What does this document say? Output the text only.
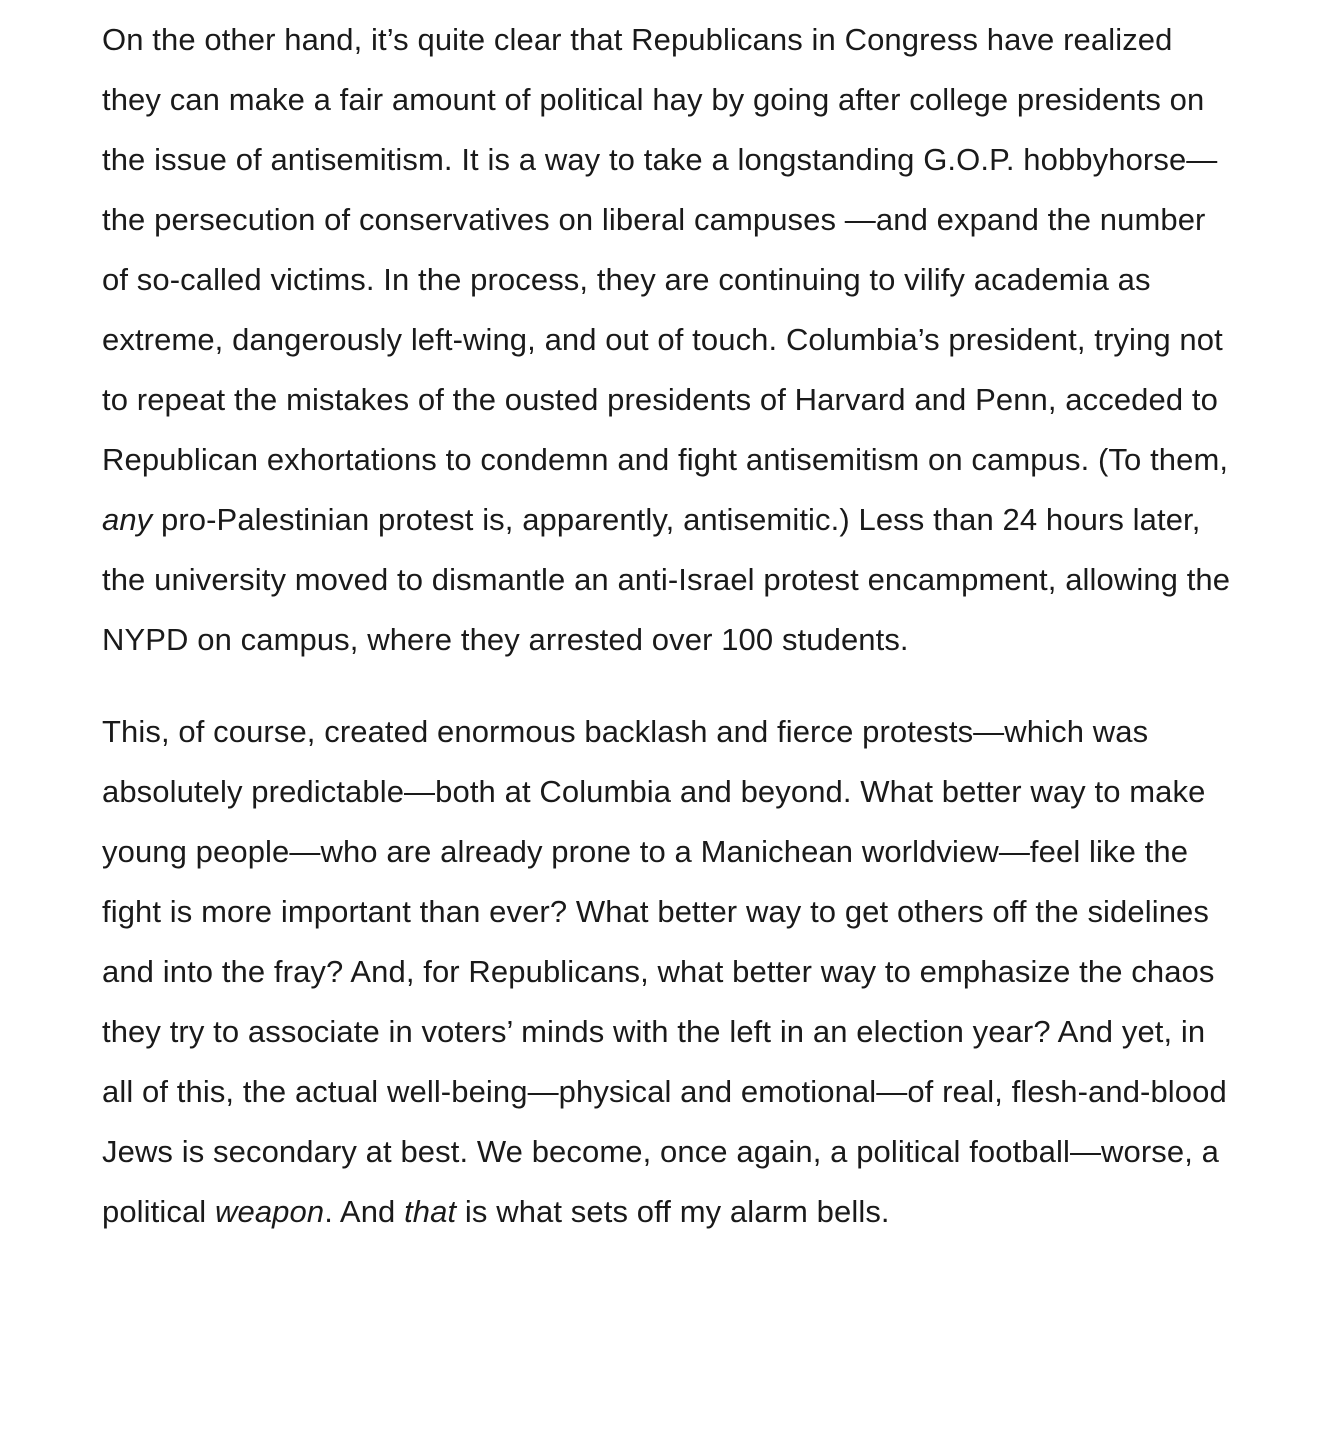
On the other hand, it’s quite clear that Republicans in Congress have realized they can make a fair amount of political hay by going after college presidents on the issue of antisemitism. It is a way to take a longstanding G.O.P. hobbyhorse—the persecution of conservatives on liberal campuses —and expand the number of so-called victims. In the process, they are continuing to vilify academia as extreme, dangerously left-wing, and out of touch. Columbia’s president, trying not to repeat the mistakes of the ousted presidents of Harvard and Penn, acceded to Republican exhortations to condemn and fight antisemitism on campus. (To them, any pro-Palestinian protest is, apparently, antisemitic.) Less than 24 hours later, the university moved to dismantle an anti-Israel protest encampment, allowing the NYPD on campus, where they arrested over 100 students.

This, of course, created enormous backlash and fierce protests—which was absolutely predictable—both at Columbia and beyond. What better way to make young people—who are already prone to a Manichean worldview—feel like the fight is more important than ever? What better way to get others off the sidelines and into the fray? And, for Republicans, what better way to emphasize the chaos they try to associate in voters’ minds with the left in an election year? And yet, in all of this, the actual well-being—physical and emotional—of real, flesh-and-blood Jews is secondary at best. We become, once again, a political football—worse, a political weapon. And that is what sets off my alarm bells.
